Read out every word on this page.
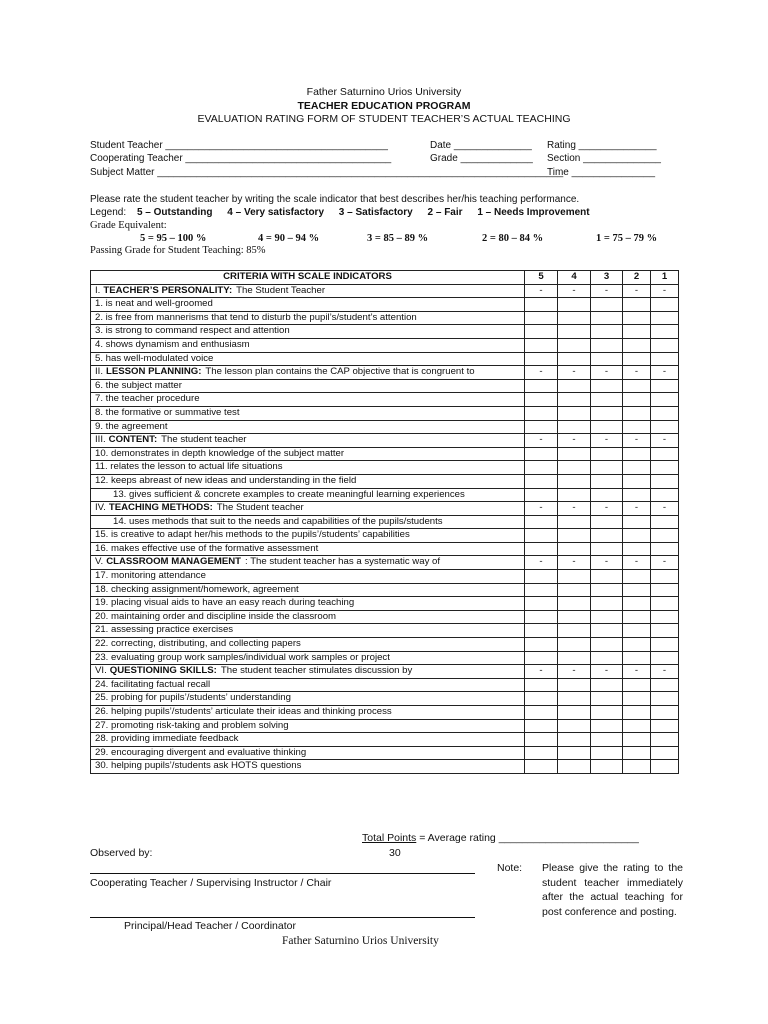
Father Saturnino Urios University
TEACHER EDUCATION PROGRAM
EVALUATION RATING FORM OF STUDENT TEACHER’S ACTUAL TEACHING
Student Teacher ________________________________________	Date ______________ Rating ______________
Cooperating Teacher _____________________________________	Grade _____________ Section ______________
Subject Matter _________________________________________________________________________
Time _______________
Please rate the student teacher by writing the scale indicator that best describes her/his teaching performance.
Legend: 5 – Outstanding 4 – Very satisfactory 3 – Satisfactory 2 – Fair 1 – Needs Improvement
Grade Equivalent:
5 = 95 – 100 %	4 = 90 – 94 %	3 = 85 – 89 %	2 = 80 – 84 %	1 = 75 – 79 %
Passing Grade for Student Teaching: 85%
CRITERIA WITH SCALE INDICATORS	5	4	3	2	1
I. TEACHER’S PERSONALITY: The Student Teacher	-	-	-	-	-
1. is neat and well-groomed					
2. is free from mannerisms that tend to disturb the pupil’s/student’s attention					
3. is strong to command respect and attention					
4. shows dynamism and enthusiasm					
5. has well-modulated voice					
II. LESSON PLANNING: The lesson plan contains the CAP objective that is congruent to	-	-	-	-	-
6. the subject matter					
7. the teacher procedure					
8. the formative or summative test					
9. the agreement					
III. CONTENT: The student teacher	-	-	-	-	-
10. demonstrates in depth knowledge of the subject matter					
11. relates the lesson to actual life situations					
12. keeps abreast of new ideas and understanding in the field					
13. gives sufficient & concrete examples to create meaningful learning experiences					
IV. TEACHING METHODS: The Student teacher	-	-	-	-	-
14. uses methods that suit to the needs and capabilities of the pupils/students					
15. is creative to adapt her/his methods to the pupils’/students’ capabilities					
16. makes effective use of the formative assessment					
V. CLASSROOM MANAGEMENT : The student teacher has a systematic way of	-	-	-	-	-
17. monitoring attendance					
18. checking assignment/homework, agreement					
19. placing visual aids to have an easy reach during teaching					
20. maintaining order and discipline inside the classroom					
21. assessing practice exercises					
22. correcting, distributing, and collecting papers					
23. evaluating group work samples/individual work samples or project					
VI. QUESTIONING SKILLS: The student teacher stimulates discussion by	-	-	-	-	-
24. facilitating factual recall					
25. probing for pupils’/students’ understanding					
26. helping pupils’/students’ articulate their ideas and thinking process					
27. promoting risk-taking and problem solving					
28. providing immediate feedback					
29. encouraging divergent and evaluative thinking					
30. helping pupils’/students ask HOTS questions					
Total Points = Average rating ________________________
Observed by:	30
Cooperating Teacher / Supervising Instructor / Chair
Principal/Head Teacher / Coordinator
Note: Please give the rating to the student teacher immediately after the actual teaching for post conference and posting.
Father Saturnino Urios University
